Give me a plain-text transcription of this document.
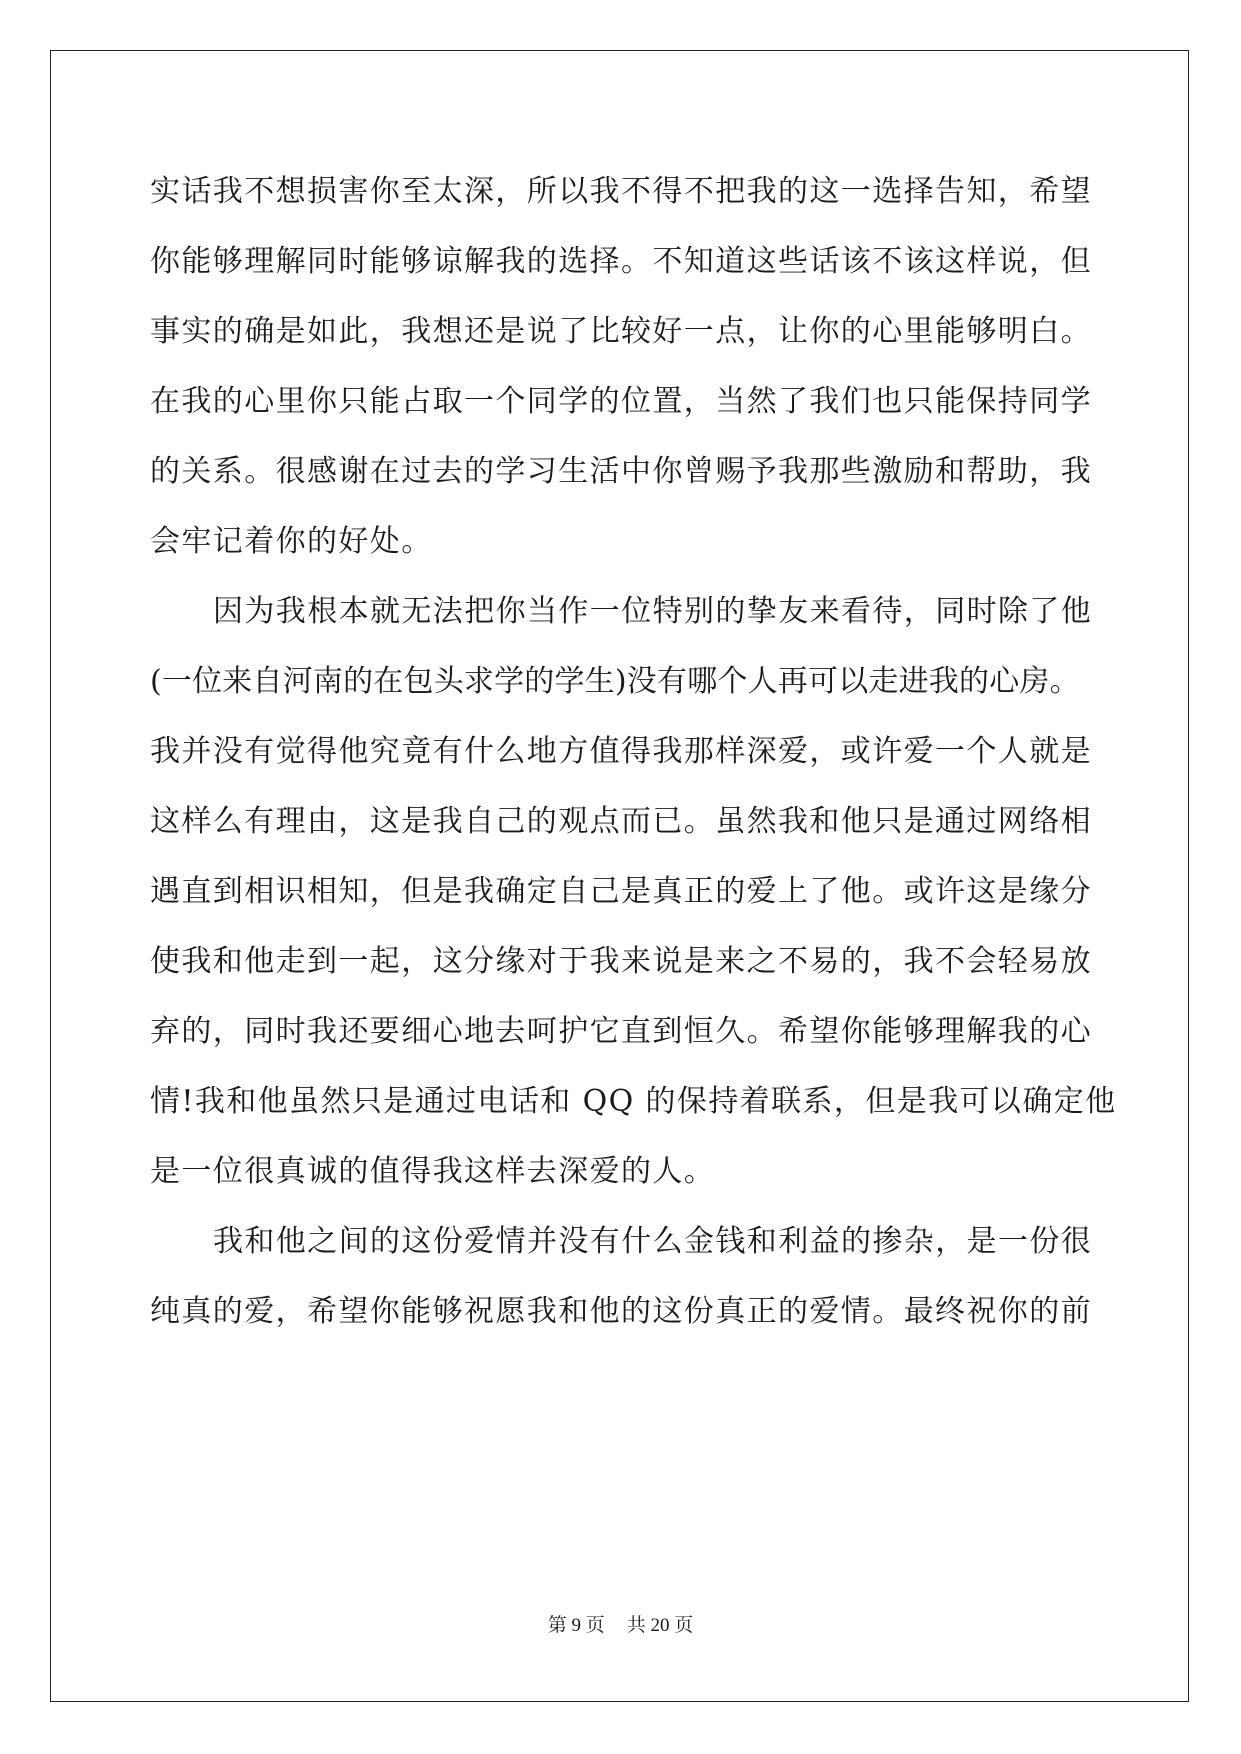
实话我不想损害你至太深，所以我不得不把我的这一选择告知，希望
你能够理解同时能够谅解我的选择。不知道这些话该不该这样说，但
事实的确是如此，我想还是说了比较好一点，让你的心里能够明白。
在我的心里你只能占取一个同学的位置，当然了我们也只能保持同学
的关系。很感谢在过去的学习生活中你曾赐予我那些激励和帮助，我
会牢记着你的好处。
因为我根本就无法把你当作一位特别的挚友来看待，同时除了他
(一位来自河南的在包头求学的学生)没有哪个人再可以走进我的心房。
我并没有觉得他究竟有什么地方值得我那样深爱，或许爱一个人就是
这样么有理由，这是我自己的观点而已。虽然我和他只是通过网络相
遇直到相识相知，但是我确定自己是真正的爱上了他。或许这是缘分
使我和他走到一起，这分缘对于我来说是来之不易的，我不会轻易放
弃的，同时我还要细心地去呵护它直到恒久。希望你能够理解我的心
情!我和他虽然只是通过电话和 QQ 的保持着联系，但是我可以确定他
是一位很真诚的值得我这样去深爱的人。
我和他之间的这份爱情并没有什么金钱和利益的掺杂，是一份很
纯真的爱，希望你能够祝愿我和他的这份真正的爱情。最终祝你的前
第 9 页 共 20 页
